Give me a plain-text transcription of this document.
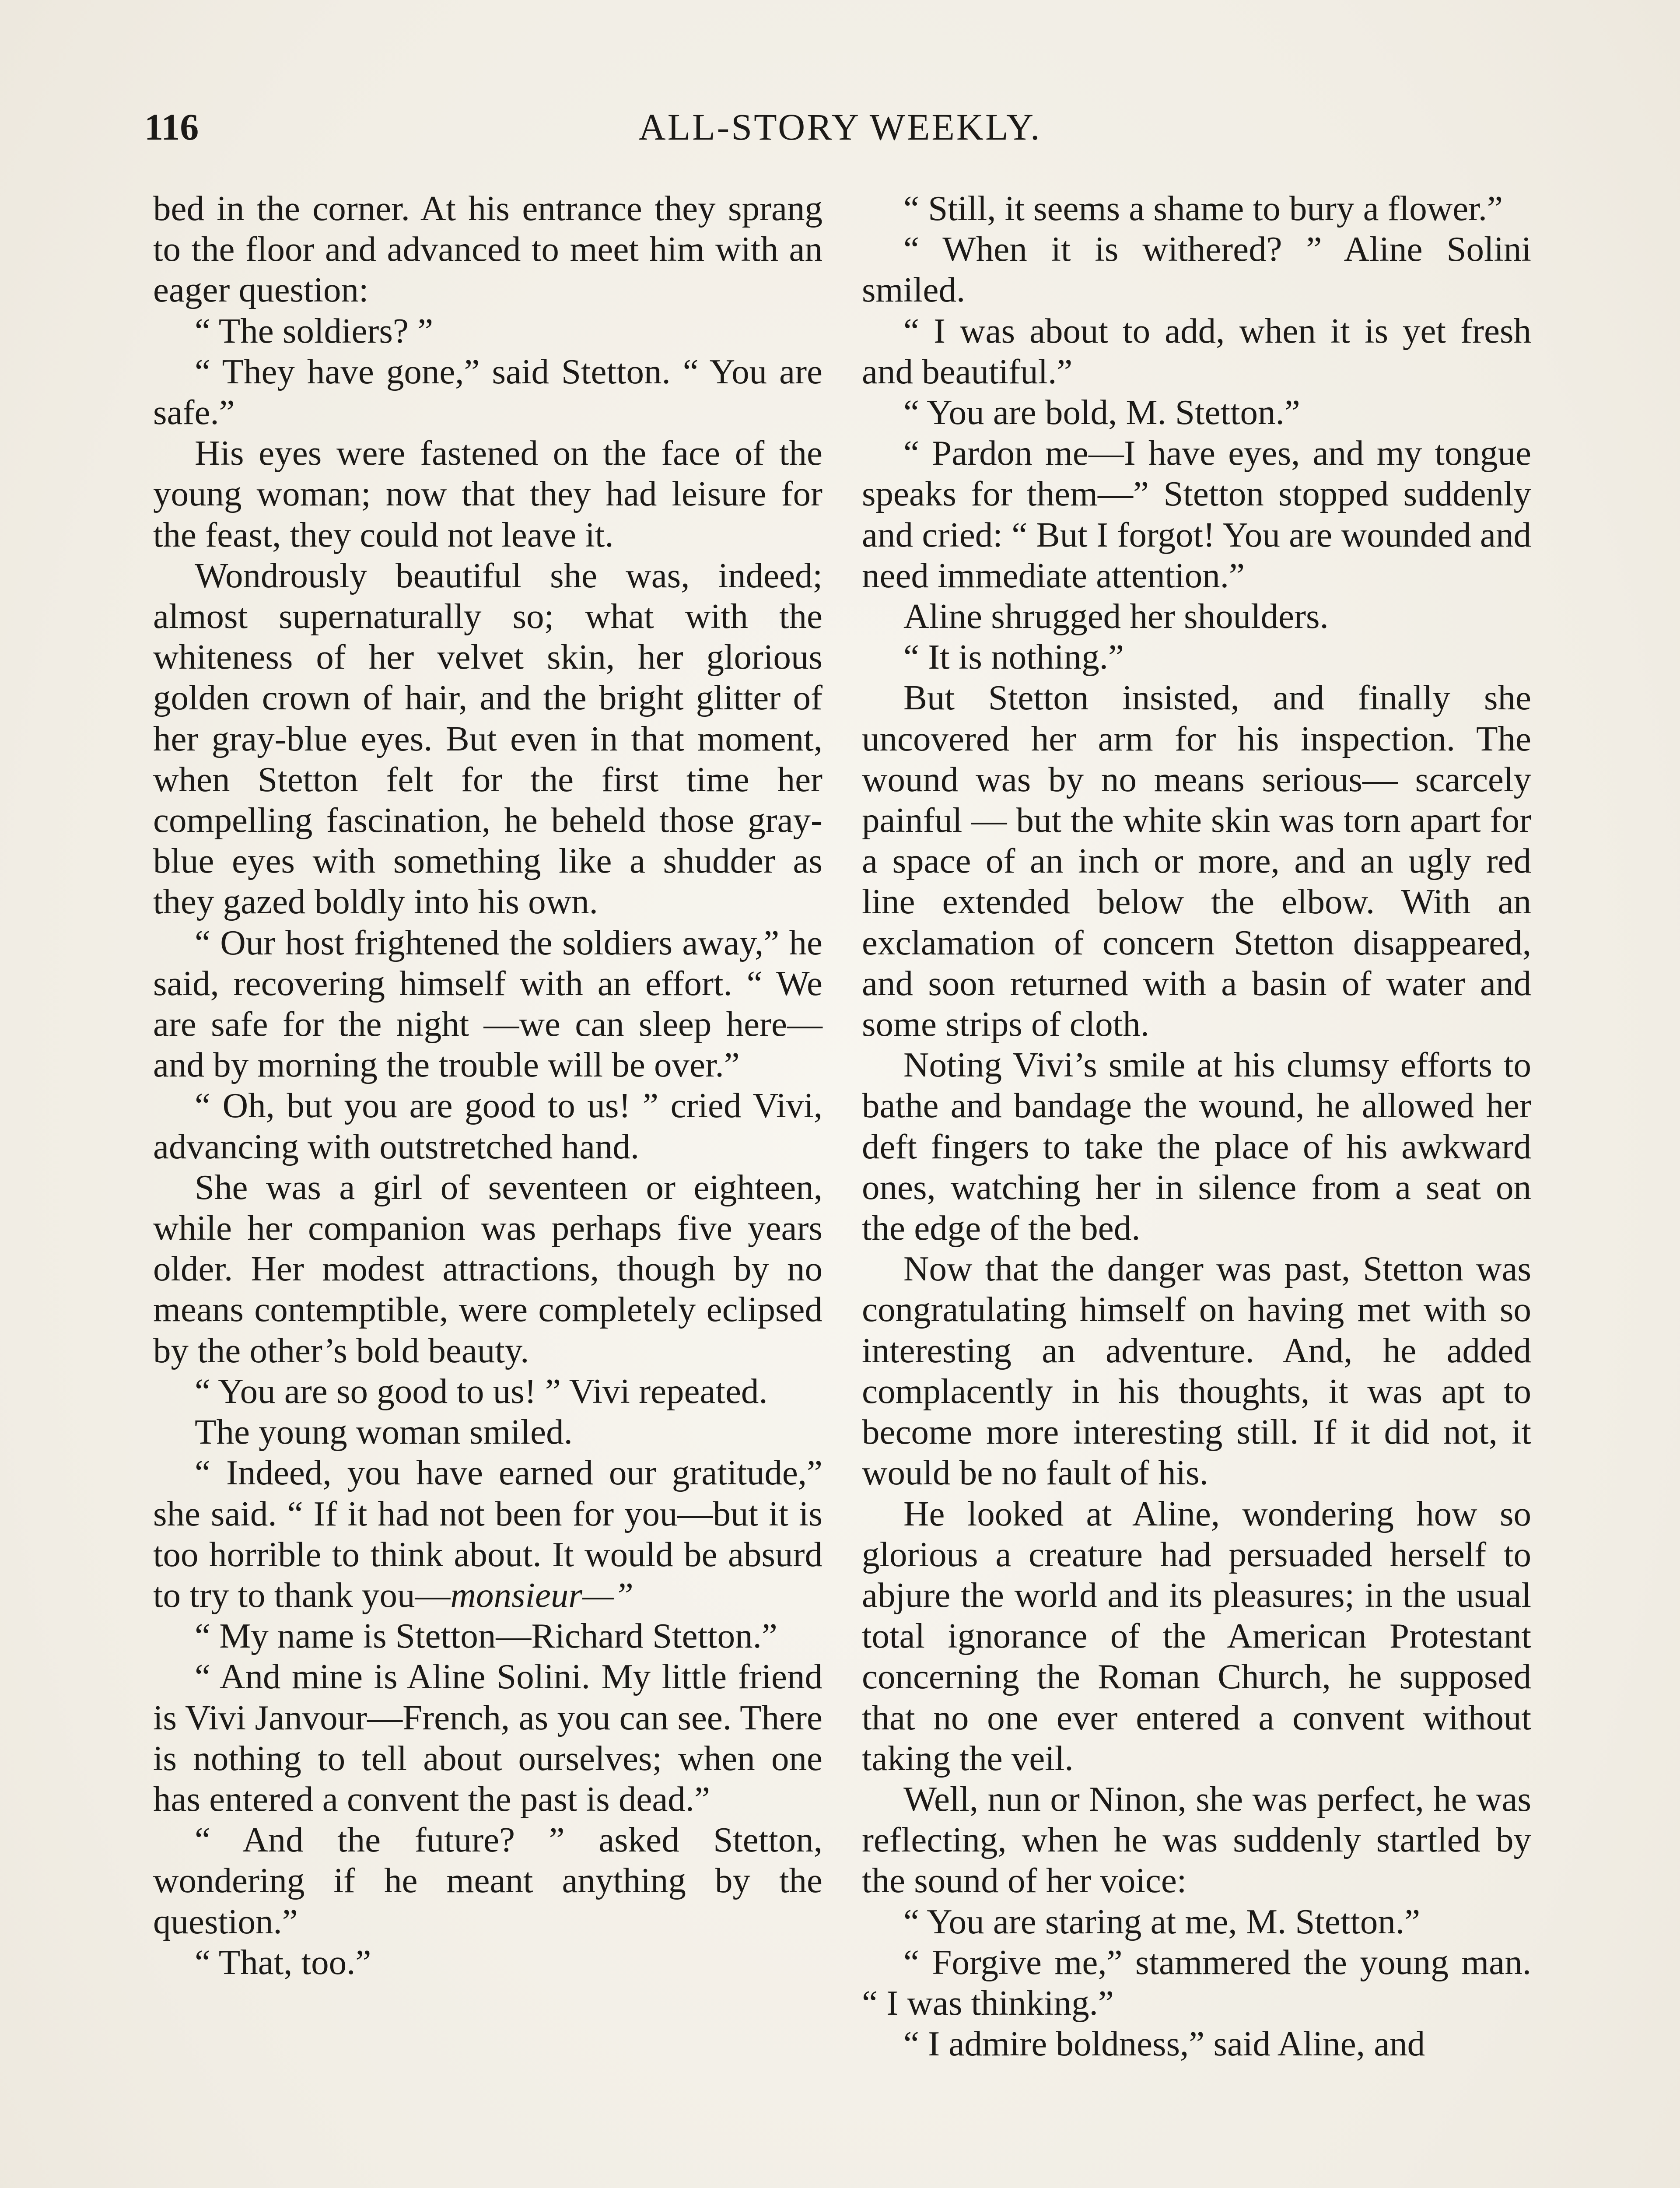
116	ALL-STORY WEEKLY.

bed in the corner. At his entrance they sprang to the floor and advanced to meet him with an eager question:

“ The soldiers? ”

“ They have gone,” said Stetton. “ You are safe.”

His eyes were fastened on the face of the young woman; now that they had leisure for the feast, they could not leave it.

Wondrously beautiful she was, indeed; almost supernaturally so; what with the whiteness of her velvet skin, her glorious golden crown of hair, and the bright glitter of her gray-blue eyes. But even in that moment, when Stetton felt for the first time her compelling fascination, he beheld those gray-blue eyes with something like a shudder as they gazed boldly into his own.

“ Our host frightened the soldiers away,” he said, recovering himself with an effort. “ We are safe for the night —we can sleep here—and by morning the trouble will be over.”

“ Oh, but you are good to us! ” cried Vivi, advancing with outstretched hand.

She was a girl of seventeen or eighteen, while her companion was perhaps five years older. Her modest attractions, though by no means contemptible, were completely eclipsed by the other’s bold beauty.

“ You are so good to us! ” Vivi repeated.

The young woman smiled.

“ Indeed, you have earned our gratitude,” she said. “ If it had not been for you—but it is too horrible to think about. It would be absurd to try to thank you—monsieur—”

“ My name is Stetton—Richard Stetton.”

“ And mine is Aline Solini. My little friend is Vivi Janvour—French, as you can see. There is nothing to tell about ourselves; when one has entered a convent the past is dead.”

“ And the future? ” asked Stetton, wondering if he meant anything by the question.”

“ That, too.”

“ Still, it seems a shame to bury a flower.”

“ When it is withered? ” Aline Solini smiled.

“ I was about to add, when it is yet fresh and beautiful.”

“ You are bold, M. Stetton.”

“ Pardon me—I have eyes, and my tongue speaks for them—” Stetton stopped suddenly and cried: “ But I forgot! You are wounded and need immediate attention.”

Aline shrugged her shoulders.

“ It is nothing.”

But Stetton insisted, and finally she uncovered her arm for his inspection. The wound was by no means serious— scarcely painful — but the white skin was torn apart for a space of an inch or more, and an ugly red line extended below the elbow. With an exclamation of concern Stetton disappeared, and soon returned with a basin of water and some strips of cloth.

Noting Vivi’s smile at his clumsy efforts to bathe and bandage the wound, he allowed her deft fingers to take the place of his awkward ones, watching her in silence from a seat on the edge of the bed.

Now that the danger was past, Stetton was congratulating himself on having met with so interesting an adventure. And, he added complacently in his thoughts, it was apt to become more interesting still. If it did not, it would be no fault of his.

He looked at Aline, wondering how so glorious a creature had persuaded herself to abjure the world and its pleasures; in the usual total ignorance of the American Protestant concerning the Roman Church, he supposed that no one ever entered a convent without taking the veil.

Well, nun or Ninon, she was perfect, he was reflecting, when he was suddenly startled by the sound of her voice:

“ You are staring at me, M. Stetton.”

“ Forgive me,” stammered the young man. “ I was thinking.”

“ I admire boldness,” said Aline, and
